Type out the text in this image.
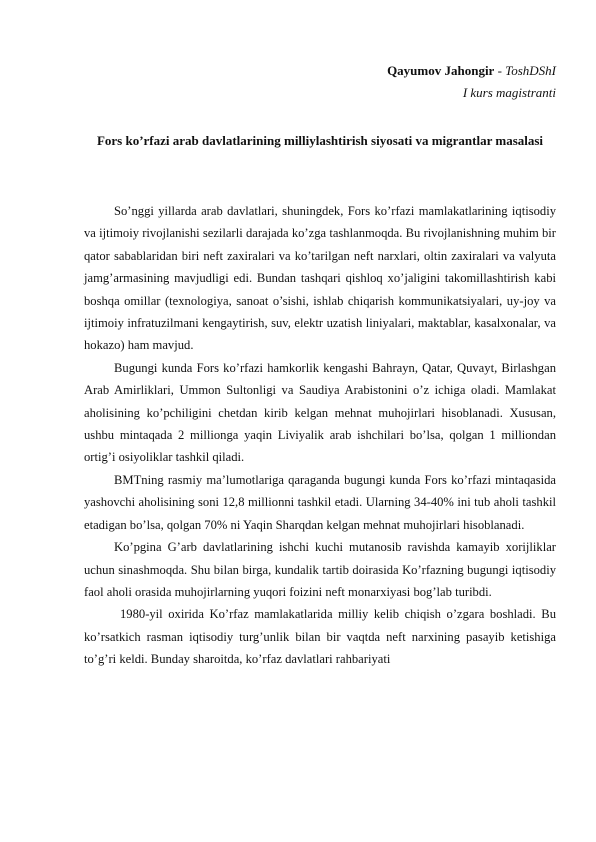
Qayumov Jahongir - ToshDShI
I kurs magistranti
Fors ko’rfazi arab davlatlarining milliylashtirish siyosati va migrantlar masalasi

So’nggi yillarda arab davlatlari, shuningdek, Fors ko’rfazi mamlakatlarining iqtisodiy va ijtimoiy rivojlanishi sezilarli darajada ko’zga tashlanmoqda. Bu rivojlanishning muhim bir qator sabablaridan biri neft zaxiralari va ko’tarilgan neft narxlari, oltin zaxiralari va valyuta jamg’armasining mavjudligi edi. Bundan tashqari qishloq xo’jaligini takomillashtirish kabi boshqa omillar (texnologiya, sanoat o’sishi, ishlab chiqarish kommunikatsiyalari, uy-joy va ijtimoiy infratuzilmani kengaytirish, suv, elektr uzatish liniyalari, maktablar, kasalxonalar, va hokazo) ham mavjud.

Bugungi kunda Fors ko’rfazi hamkorlik kengashi Bahrayn, Qatar, Quvayt, Birlashgan Arab Amirliklari, Ummon Sultonligi va Saudiya Arabistonini o’z ichiga oladi. Mamlakat aholisining ko’pchiligini chetdan kirib kelgan mehnat muhojirlari hisoblanadi. Xususan, ushbu mintaqada 2 millionga yaqin Liviyalik arab ishchilari bo’lsa, qolgan 1 milliondan ortig’i osiyoliklar tashkil qiladi.

BMTning rasmiy ma’lumotlariga qaraganda bugungi kunda Fors ko’rfazi mintaqasida yashovchi aholisining soni 12,8 millionni tashkil etadi. Ularning 34-40% ini tub aholi tashkil etadigan bo’lsa, qolgan 70% ni Yaqin Sharqdan kelgan mehnat muhojirlari hisoblanadi.

Ko’pgina G’arb davlatlarining ishchi kuchi mutanosib ravishda kamayib xorijliklar uchun sinashmoqda. Shu bilan birga, kundalik tartib doirasida Ko’rfazning bugungi iqtisodiy faol aholi orasida muhojirlarning yuqori foizini neft monarxiyasi bog’lab turibdi.

1980-yil oxirida Ko’rfaz mamlakatlarida milliy kelib chiqish o’zgara boshladi. Bu ko’rsatkich rasman iqtisodiy turg’unlik bilan bir vaqtda neft narxining pasayib ketishiga to’g’ri keldi. Bunday sharoitda, ko’rfaz davlatlari rahbariyati
